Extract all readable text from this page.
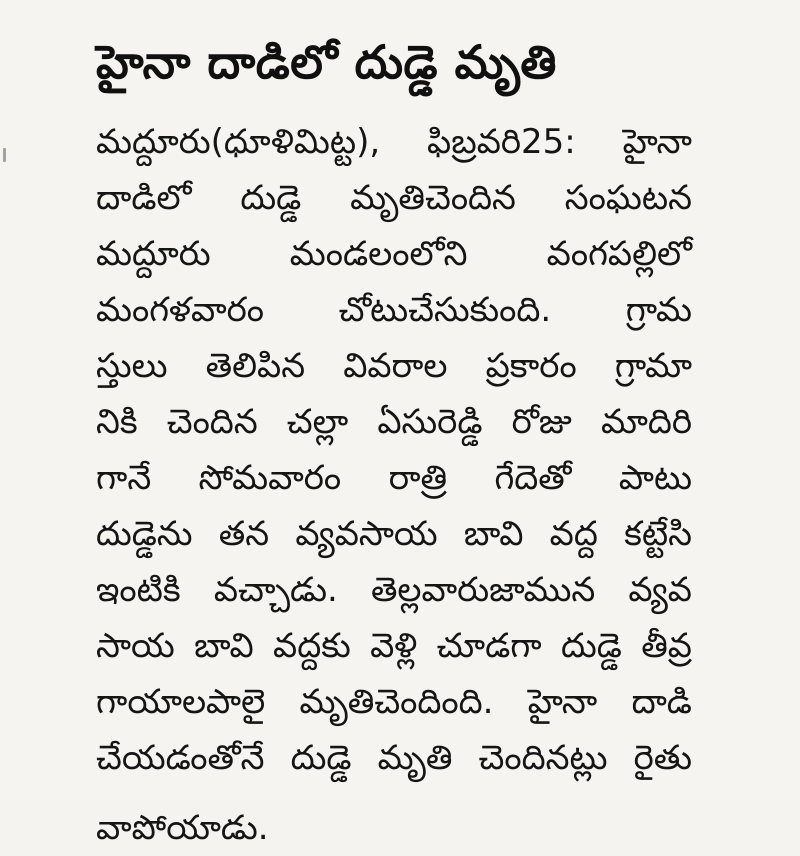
హైనా దాడిలో దుడ్డె మృతి
మద్దూరు(ధూళిమిట్ట), ఫిబ్రవరి25: హైనా
దాడిలో దుడ్డె మృతిచెందిన సంఘటన
మద్దూరు మండలంలోని వంగపల్లిలో
మంగళవారం చోటుచేసుకుంది. గ్రామ
స్తులు తెలిపిన వివరాల ప్రకారం గ్రామా
నికి చెందిన చల్లా ఏసురెడ్డి రోజు మాదిరి
గానే సోమవారం రాత్రి గేదెతో పాటు
దుడ్డెను తన వ్యవసాయ బావి వద్ద కట్టేసి
ఇంటికి వచ్చాడు. తెల్లవారుజామున వ్యవ
సాయ బావి వద్దకు వెళ్లి చూడగా దుడ్డె తీవ్ర
గాయాలపాలై మృతిచెందింది. హైనా దాడి
చేయడంతోనే దుడ్డె మృతి చెందినట్లు రైతు
వాపోయాడు.
